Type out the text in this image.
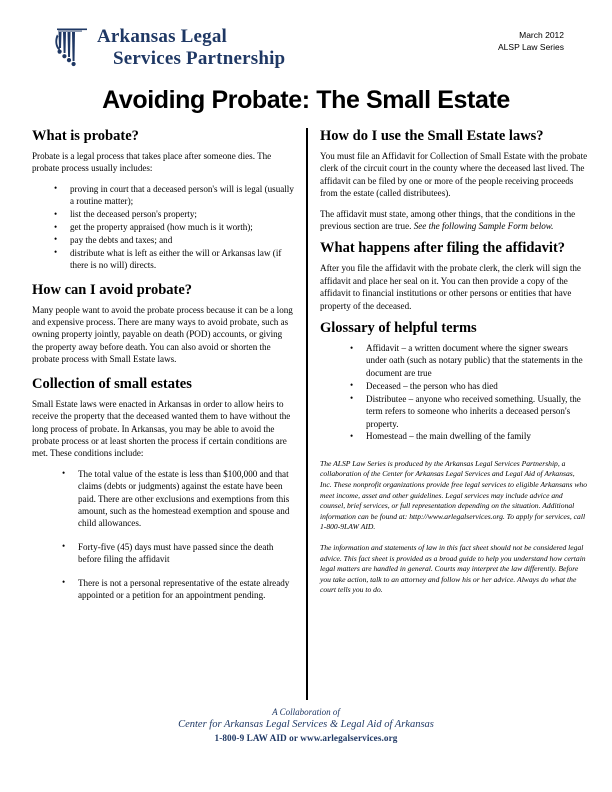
Arkansas Legal
Services Partnership
March 2012
ALSP Law Series
Avoiding Probate: The Small Estate
What is probate?

Probate is a legal process that takes place after someone dies. The probate process usually includes:

• proving in court that a deceased person's will is legal (usually a routine matter);
• list the deceased person's property;
• get the property appraised (how much is it worth);
• pay the debts and taxes; and
• distribute what is left as either the will or Arkansas law (if there is no will) directs.
How can I avoid probate?

Many people want to avoid the probate process because it can be a long and expensive process. There are many ways to avoid probate, such as owning property jointly, payable on death (POD) accounts, or giving the property away before death. You can also avoid or shorten the probate process with Small Estate laws.

Collection of small estates

Small Estate laws were enacted in Arkansas in order to allow heirs to receive the property that the deceased wanted them to have without the long process of probate. In Arkansas, you may be able to avoid the probate process or at least shorten the process if certain conditions are met. These conditions include:

• The total value of the estate is less than $100,000 and that claims (debts or judgments) against the estate have been paid. There are other exclusions and exemptions from this amount, such as the homestead exemption and spouse and child allowances.
• Forty-five (45) days must have passed since the death before filing the affidavit
• There is not a personal representative of the estate already appointed or a petition for an appointment pending.
How do I use the Small Estate laws?

You must file an Affidavit for Collection of Small Estate with the probate clerk of the circuit court in the county where the deceased last lived. The affidavit can be filed by one or more of the people receiving proceeds from the estate (called distributees).

The affidavit must state, among other things, that the conditions in the previous section are true. See the following Sample Form below.

What happens after filing the affidavit?

After you file the affidavit with the probate clerk, the clerk will sign the affidavit and place her seal on it. You can then provide a copy of the affidavit to financial institutions or other persons or entities that have property of the deceased.

Glossary of helpful terms
• Affidavit – a written document where the signer swears under oath (such as notary public) that the statements in the document are true
• Deceased – the person who has died
• Distributee – anyone who received something. Usually, the term refers to someone who inherits a deceased person's property.
• Homestead – the main dwelling of the family

The ALSP Law Series is produced by the Arkansas Legal Services Partnership, a collaboration of the Center for Arkansas Legal Services and Legal Aid of Arkansas, Inc. These nonprofit organizations provide free legal services to eligible Arkansans who meet income, asset and other guidelines. Legal services may include advice and counsel, brief services, or full representation depending on the situation. Additional information can be found at: http://www.arlegalservices.org. To apply for services, call 1-800-9LAW AID.

The information and statements of law in this fact sheet should not be considered legal advice. This fact sheet is provided as a broad guide to help you understand how certain legal matters are handled in general. Courts may interpret the law differently. Before you take action, talk to an attorney and follow his or her advice. Always do what the court tells you to do.

A Collaboration of
Center for Arkansas Legal Services & Legal Aid of Arkansas
1-800-9 LAW AID or www.arlegalservices.org
